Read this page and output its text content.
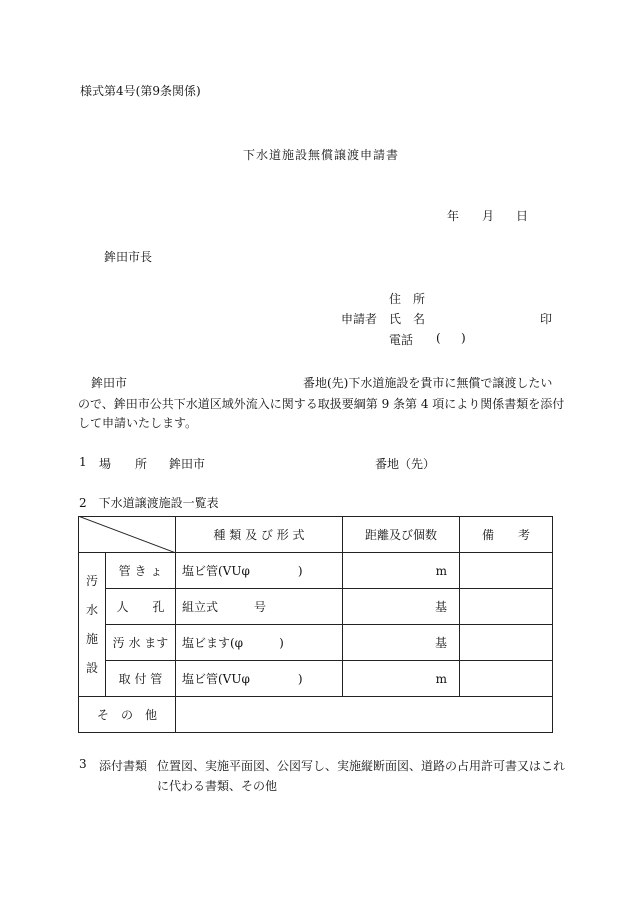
様式第4号(第9条関係)
下水道施設無償譲渡申請書
年 月 日
鉾田市長
住　所
申請者 氏　名	印
電話 ( )
鉾田市	番地(先)下水道施設を貴市に無償で譲渡したい
ので、鉾田市公共下水道区域外流入に関する取扱要綱第 9 条第 4 項により関係書類を添付
して申請いたします。
1 場　　所 鉾田市	番地（先）
2　下水道譲渡施設一覧表
		種 類 及 び 形 式	距離及び個数	備　　考

汚
水
施
設	管 き ょ	塩ビ管(VUφ　　　　)	m	
	人　　孔	組立式　　　号	基	
	汚 水 ます	塩ビます(φ　　　)	基	
	取 付 管	塩ビ管(VUφ　　　　)	m	
そ　の　他				
3 添付書類 位置図、実施平面図、公図写し、実施縦断面図、道路の占用許可書又はこれ
に代わる書類、その他
